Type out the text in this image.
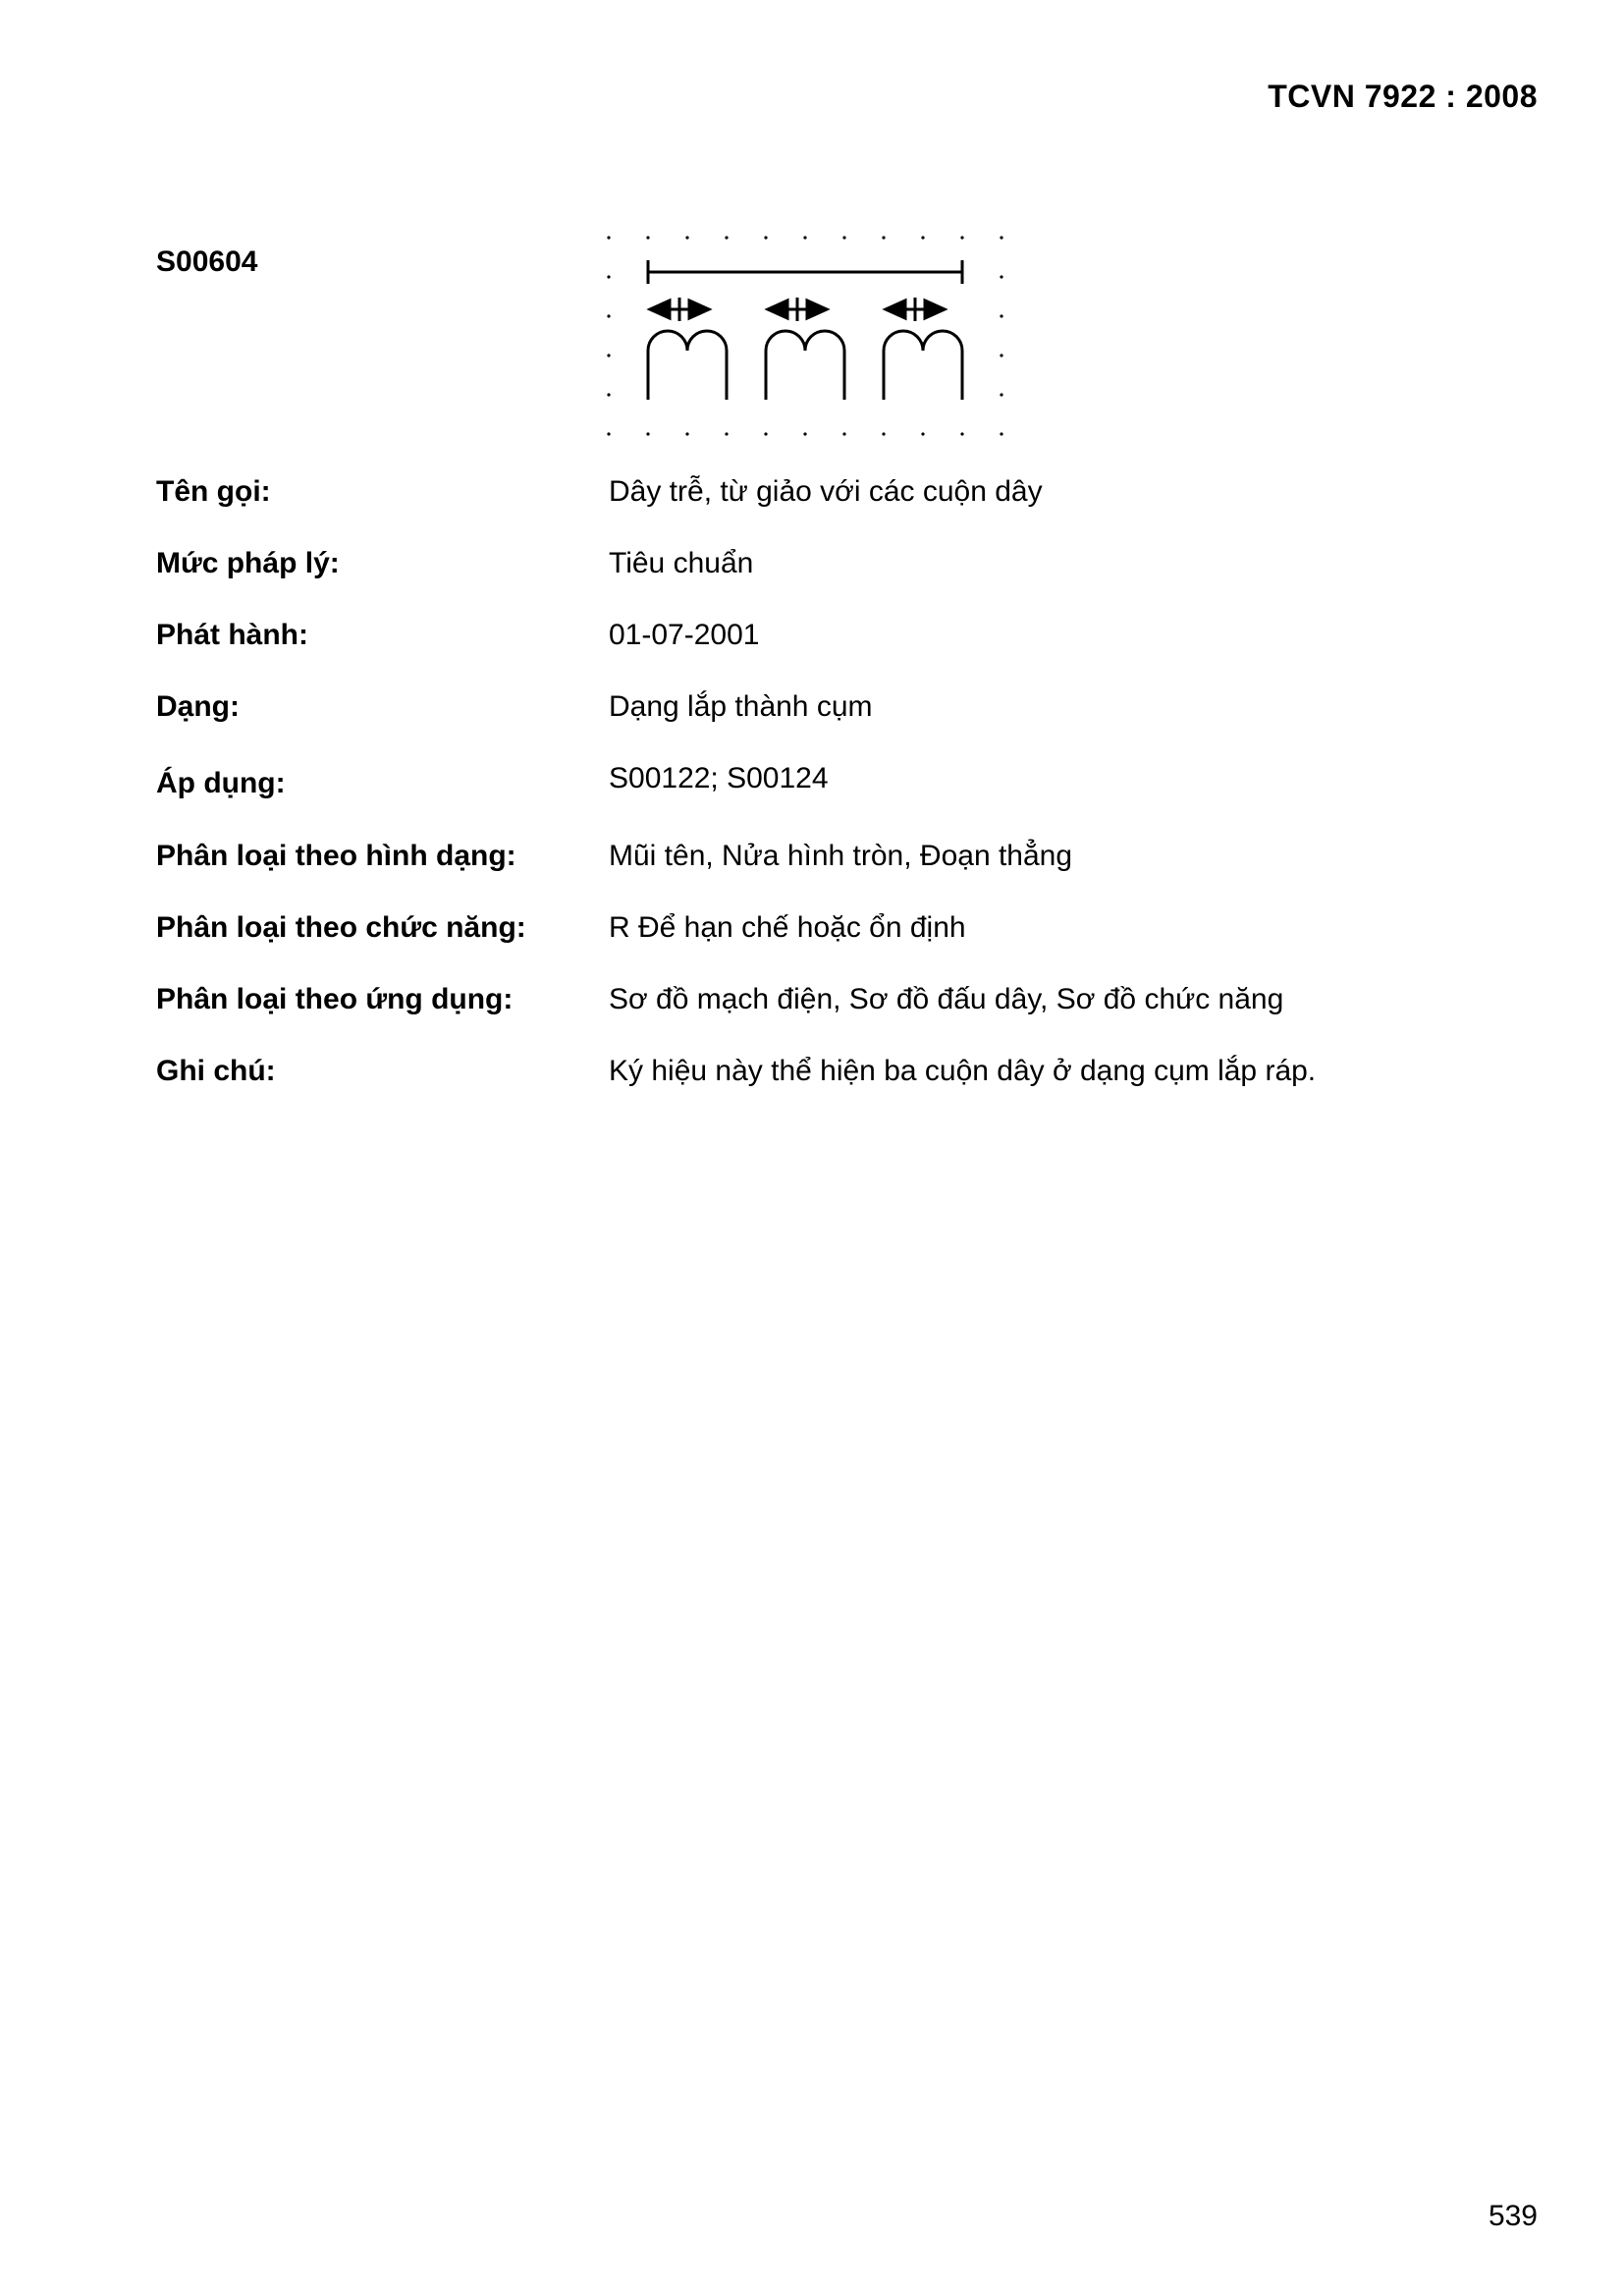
TCVN 7922 : 2008
S00604
Tên gọi:	Dây trễ, từ giảo với các cuộn dây
Mức pháp lý:	Tiêu chuẩn
Phát hành:	01-07-2001
Dạng:	Dạng lắp thành cụm
Áp dụng:	S00122; S00124
Phân loại theo hình dạng:	Mũi tên, Nửa hình tròn, Đoạn thẳng
Phân loại theo chức năng:	R Để hạn chế hoặc ổn định
Phân loại theo ứng dụng:	Sơ đồ mạch điện, Sơ đồ đấu dây, Sơ đồ chức năng
Ghi chú:	Ký hiệu này thể hiện ba cuộn dây ở dạng cụm lắp ráp.
539
